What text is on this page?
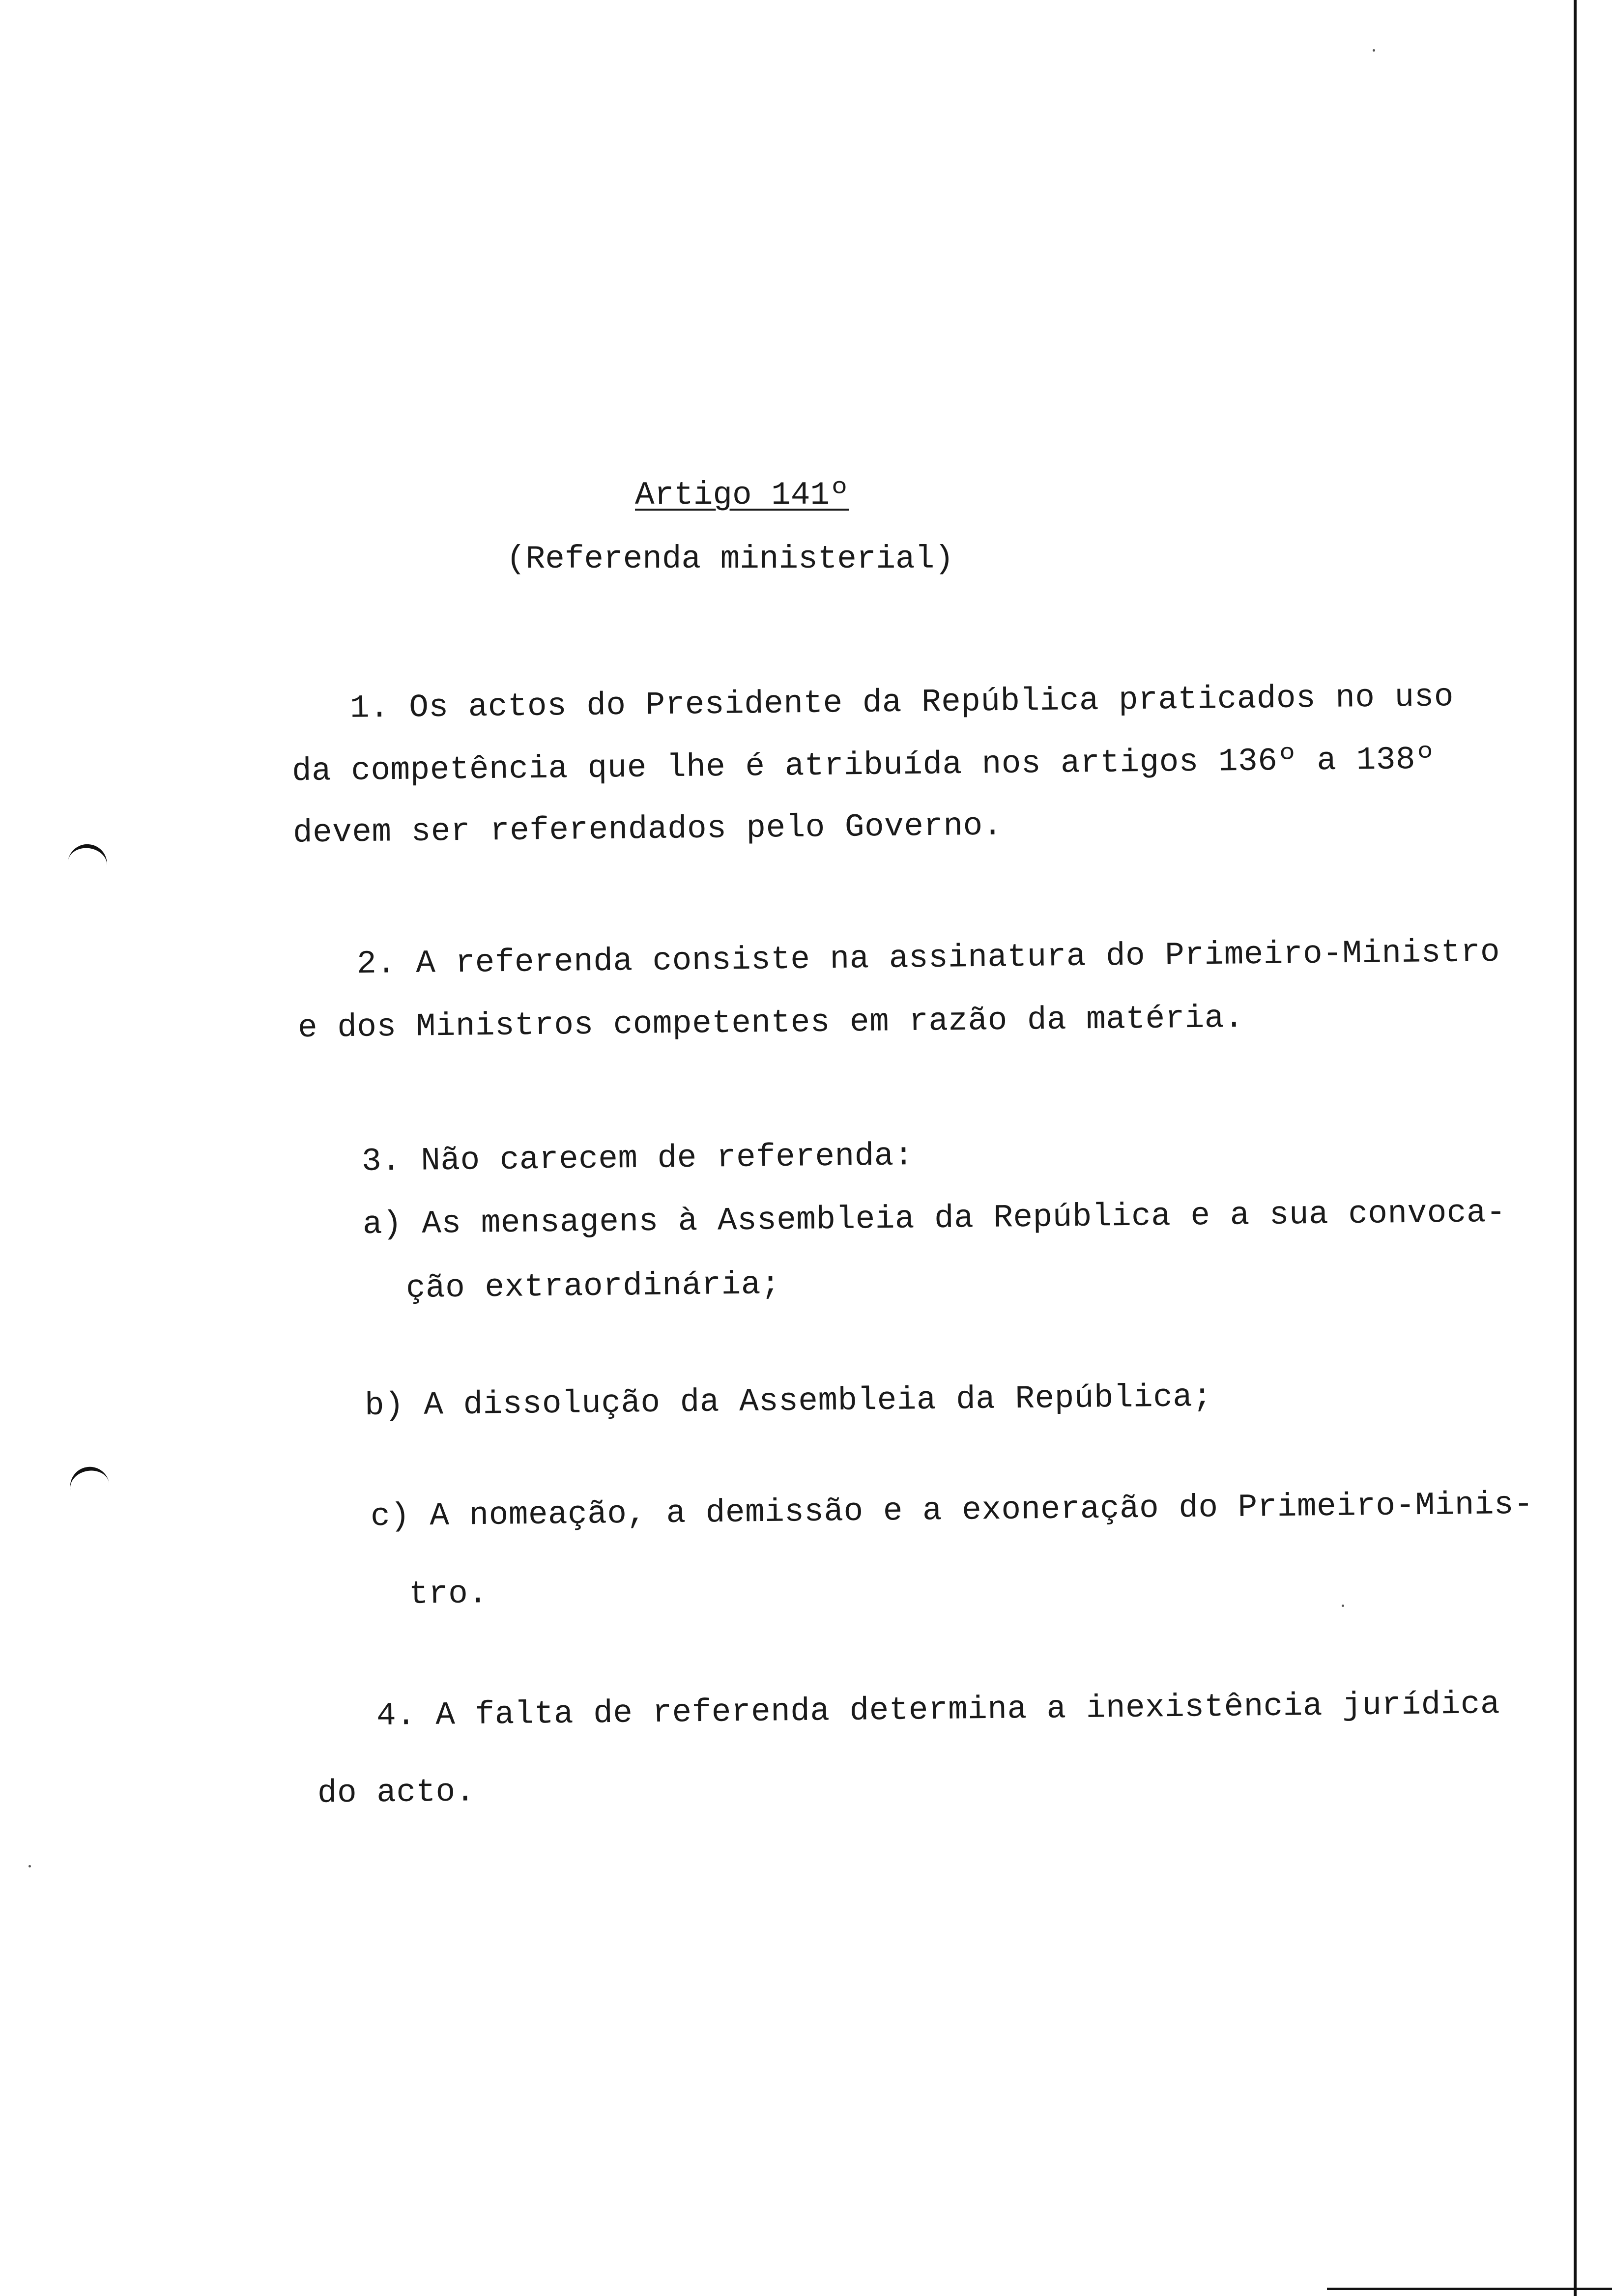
Artigo 141º
(Referenda ministerial)
1. Os actos do Presidente da República praticados no uso
da competência que lhe é atribuída nos artigos 136º a 138º
devem ser referendados pelo Governo.
2. A referenda consiste na assinatura do Primeiro-Ministro
e dos Ministros competentes em razão da matéria.
3. Não carecem de referenda:
a) As mensagens à Assembleia da República e a sua convoca-
ção extraordinária;
b) A dissolução da Assembleia da República;
c) A nomeação, a demissão e a exoneração do Primeiro-Minis-
tro.
4. A falta de referenda determina a inexistência jurídica
do acto.
